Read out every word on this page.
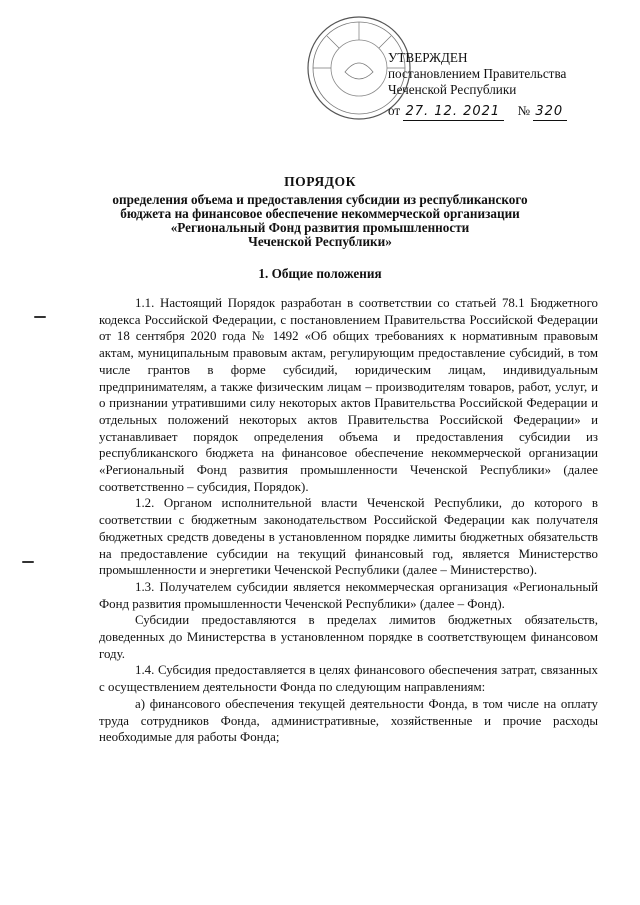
УТВЕРЖДЕН
постановлением Правительства
Чеченской Республики
от 27. 12. 2021 № 320
ПОРЯДОК
определения объема и предоставления субсидии из республиканского
бюджета на финансовое обеспечение некоммерческой организации
«Региональный Фонд развития промышленности
Чеченской Республики»
1. Общие положения

1.1. Настоящий Порядок разработан в соответствии со статьей 78.1 Бюджетного кодекса Российской Федерации, с постановлением Правительства Российской Федерации от 18 сентября 2020 года № 1492 «Об общих требованиях к нормативным правовым актам, муниципальным правовым актам, регулирующим предоставление субсидий, в том числе грантов в форме субсидий, юридическим лицам, индивидуальным предпринимателям, а также физическим лицам – производителям товаров, работ, услуг, и о признании утратившими силу некоторых актов Правительства Российской Федерации и отдельных положений некоторых актов Правительства Российской Федерации» и устанавливает порядок определения объема и предоставления субсидии из республиканского бюджета на финансовое обеспечение некоммерческой организации «Региональный Фонд развития промышленности Чеченской Республики» (далее соответственно – субсидия, Порядок).

1.2. Органом исполнительной власти Чеченской Республики, до которого в соответствии с бюджетным законодательством Российской Федерации как получателя бюджетных средств доведены в установленном порядке лимиты бюджетных обязательств на предоставление субсидии на текущий финансовый год, является Министерство промышленности и энергетики Чеченской Республики (далее – Министерство).

1.3. Получателем субсидии является некоммерческая организация «Региональный Фонд развития промышленности Чеченской Республики» (далее – Фонд).

Субсидии предоставляются в пределах лимитов бюджетных обязательств, доведенных до Министерства в установленном порядке в соответствующем финансовом году.

1.4. Субсидия предоставляется в целях финансового обеспечения затрат, связанных с осуществлением деятельности Фонда по следующим направлениям:

а) финансового обеспечения текущей деятельности Фонда, в том числе на оплату труда сотрудников Фонда, административные, хозяйственные и прочие расходы необходимые для работы Фонда;
